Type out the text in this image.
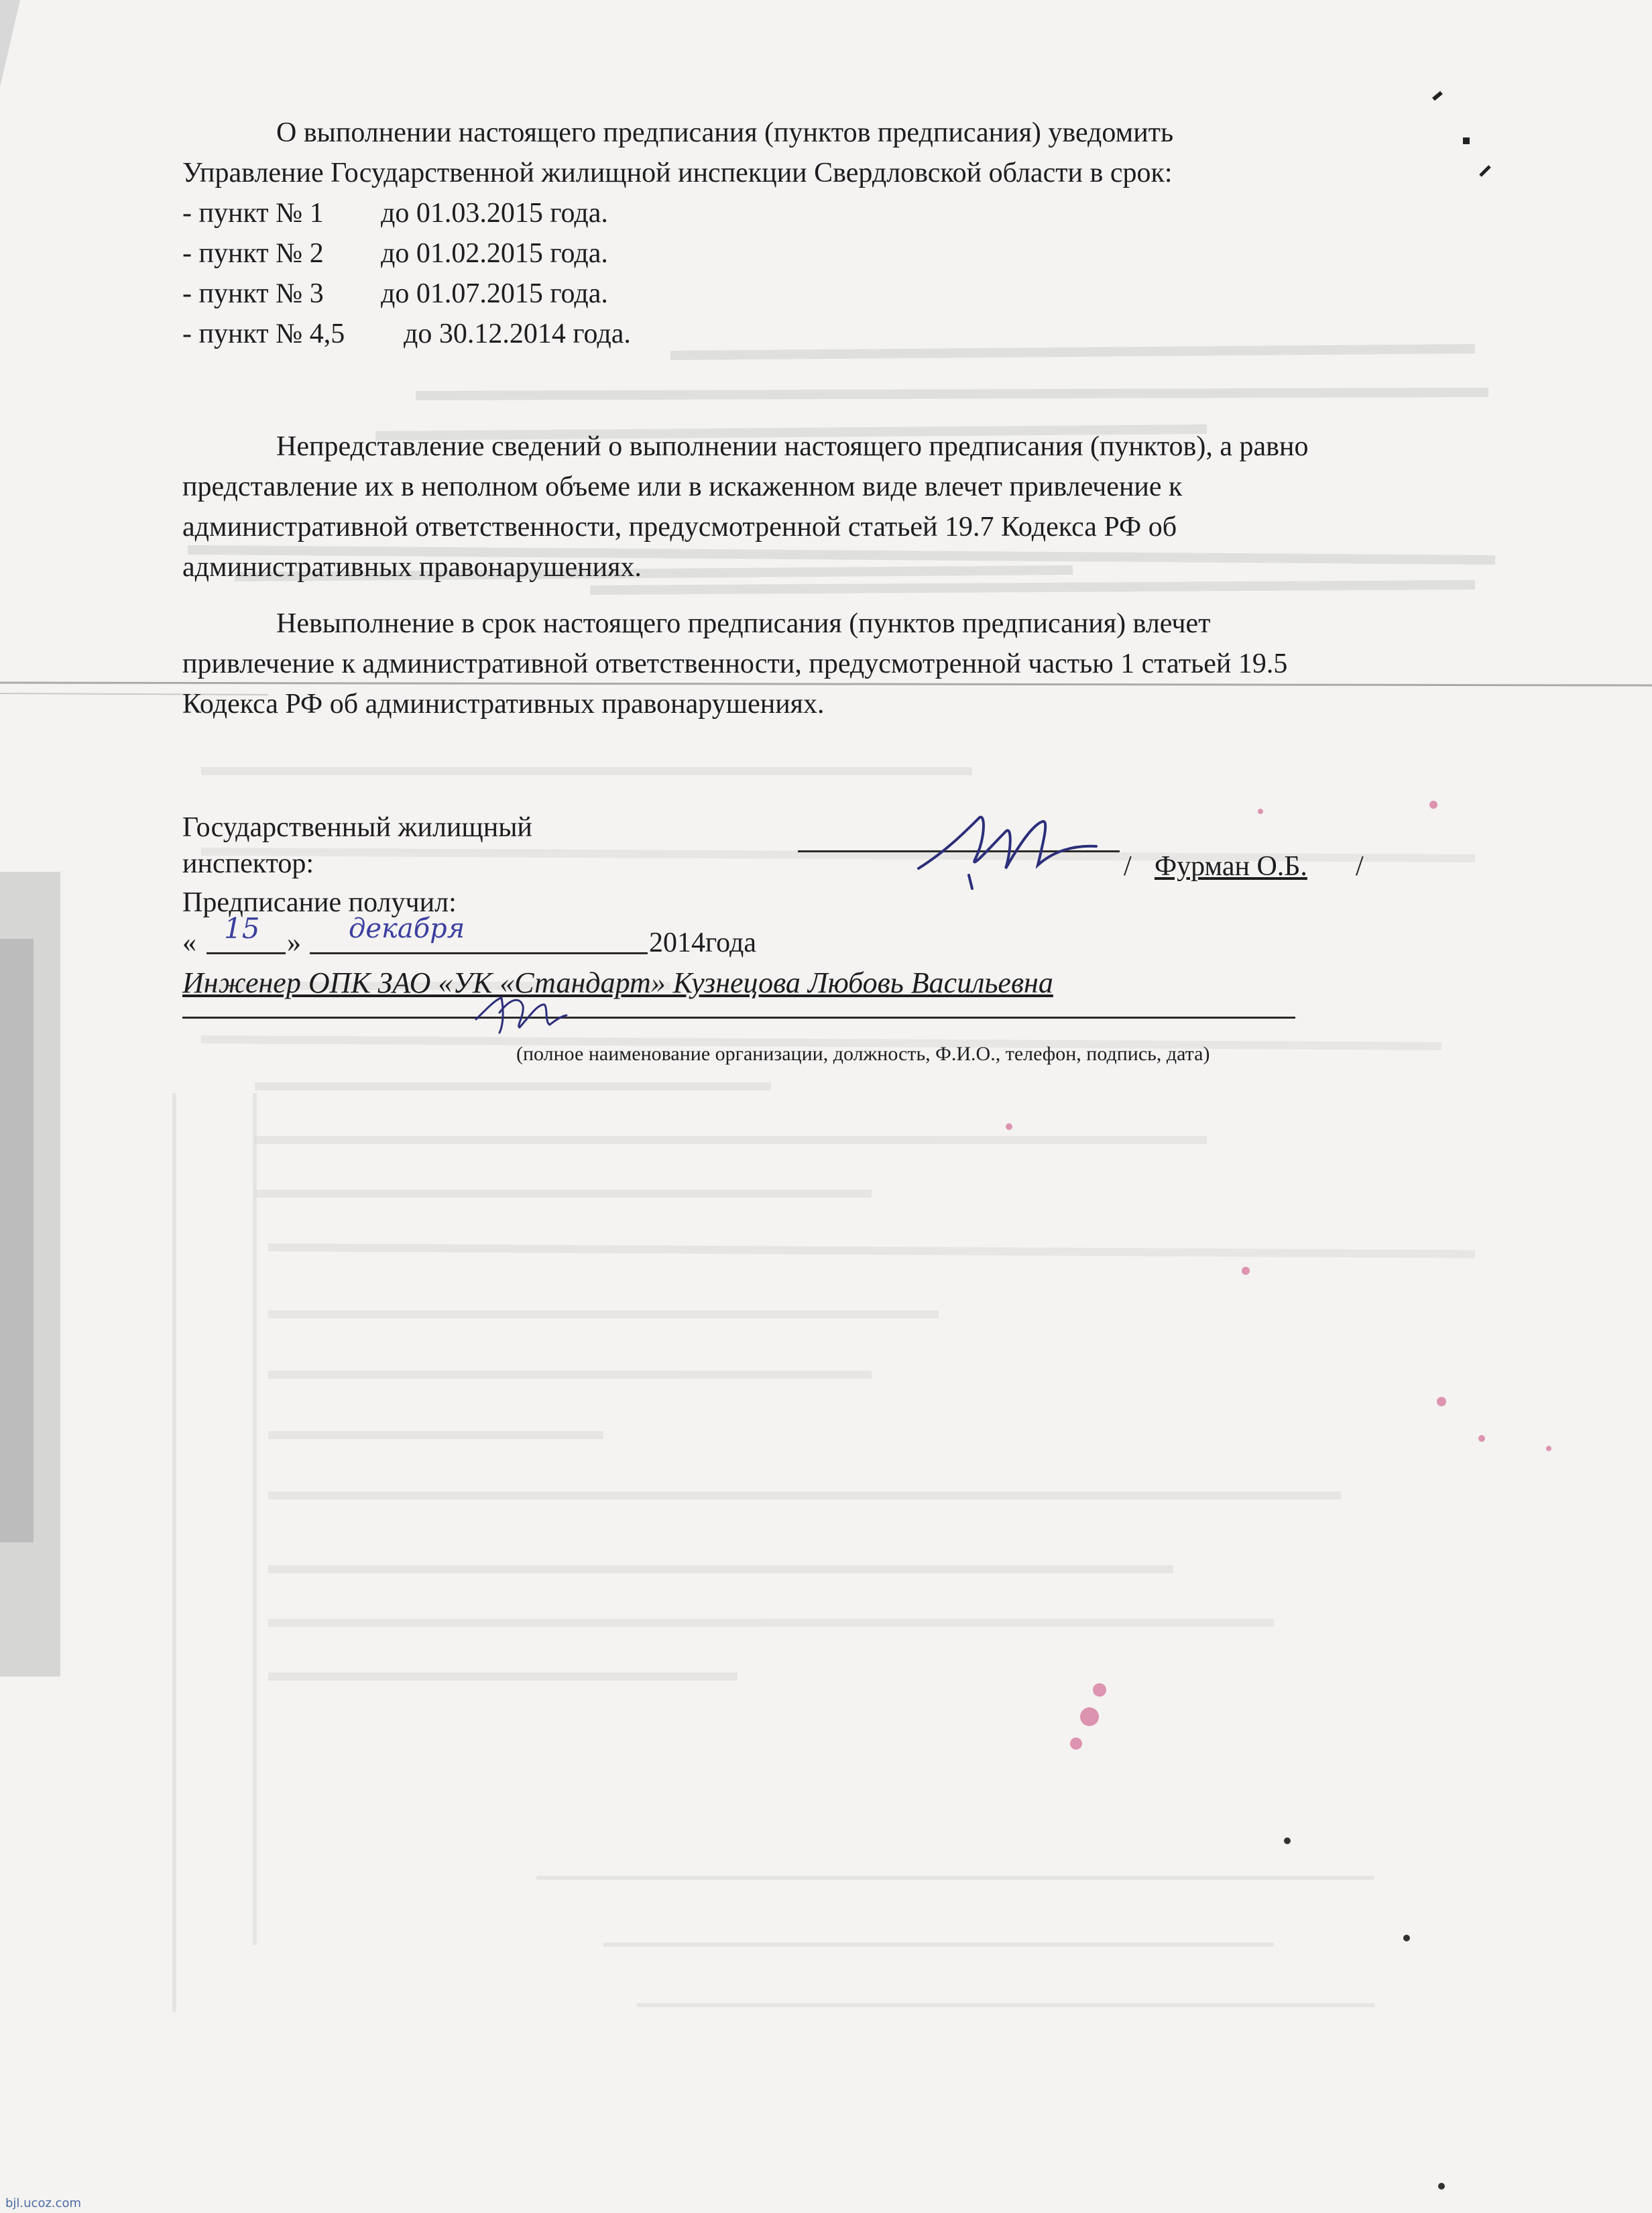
О выполнении настоящего предписания (пунктов предписания) уведомить

Управление Государственной жилищной инспекции Свердловской области в срок:

- пункт № 1 до 01.03.2015 года.
- пункт № 2 до 01.02.2015 года.
- пункт № 3 до 01.07.2015 года.
- пункт № 4,5 до 30.12.2014 года.

Непредставление сведений о выполнении настоящего предписания (пунктов), а равно

представление их в неполном объеме или в искаженном виде влечет привлечение к

административной ответственности, предусмотренной статьей 19.7 Кодекса РФ об

административных правонарушениях.

Невыполнение в срок настоящего предписания (пунктов предписания) влечет

привлечение к административной ответственности, предусмотренной частью 1 статьей 19.5

Кодекса РФ об административных правонарушениях.

Государственный жилищный
инспектор:	/ Фурман О.Б. /
Предписание получил:
« 15 » декабря	2014года
Инженер ОПК ЗАО «УК «Стандарт» Кузнецова Любовь Васильевна
(полное наименование организации, должность, Ф.И.О., телефон, подпись, дата)
bjl.ucoz.com
